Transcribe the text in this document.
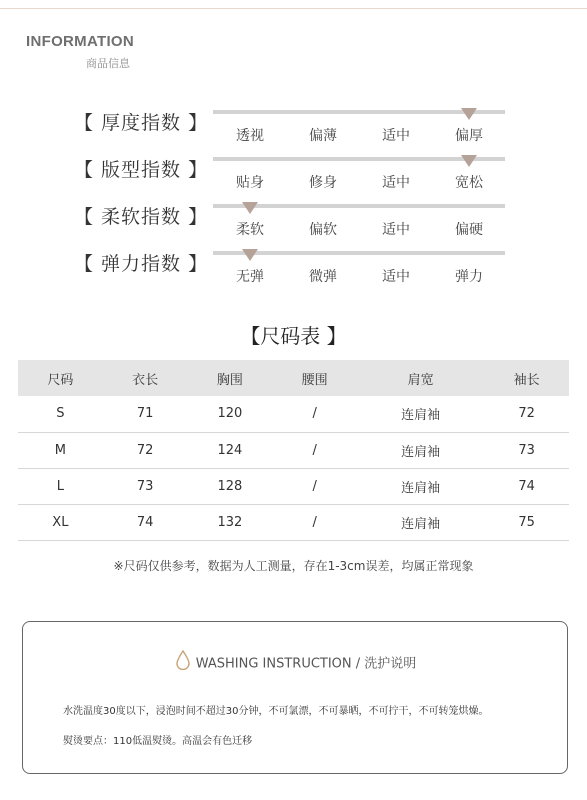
INFORMATION
商品信息
【 厚度指数 】
透视	偏薄	适中	偏厚
【 版型指数 】
贴身	修身	适中	宽松
【 柔软指数 】
柔软	偏软	适中	偏硬
【 弹力指数 】
无弹	微弹	适中	弹力
【尺码表 】
尺码	衣长	胸围	腰围	肩宽	袖长
S	71	120	/	连肩袖	72
M	72	124	/	连肩袖	73
L	73	128	/	连肩袖	74
XL	74	132	/	连肩袖	75
※尺码仅供参考，数据为人工测量，存在1-3cm误差，均属正常现象
WASHING INSTRUCTION / 洗护说明
水洗温度30度以下，浸泡时间不超过30分钟，不可氯漂，不可暴晒，不可拧干，不可转笼烘燥。
熨烫要点：110低温熨烫。高温会有色迁移
